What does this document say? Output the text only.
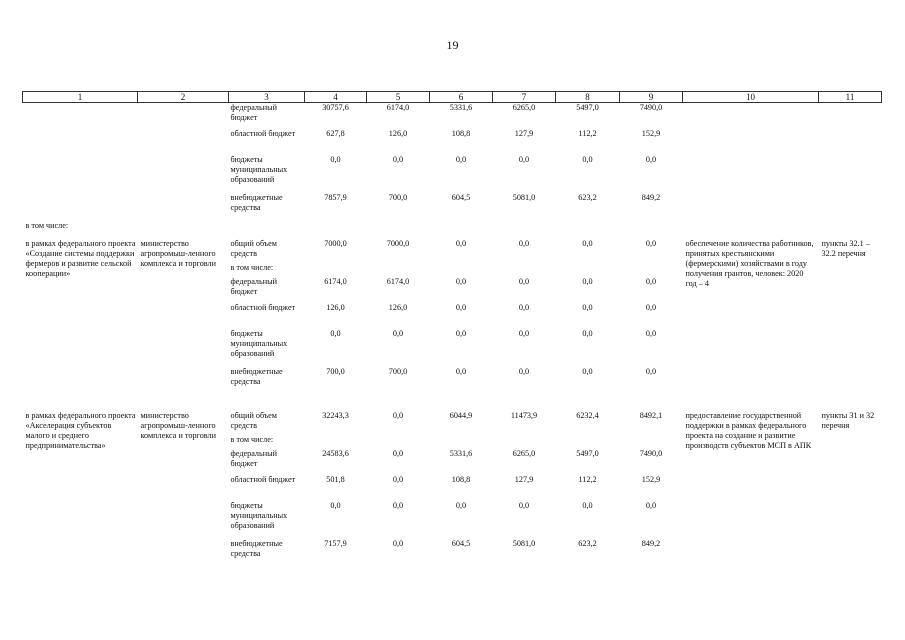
19
1	2	3	4	5	6	7	8	9	10	11
		федеральный бюджет	30757,6	6174,0	5331,6	6265,0	5497,0	7490,0		
		областной бюджет	627,8	126,0	108,8	127,9	112,2	152,9		
		бюджеты муниципальных образований	0,0	0,0	0,0	0,0	0,0	0,0		
		внебюджетные средства	7857,9	700,0	604,5	5081,0	623,2	849,2		
в том числе:										
в рамках федерального проекта «Создание системы поддержки фермеров и развитие сельской кооперации»	министерство агропромыш-ленного комплекса и торговли	общий объем средств	7000,0	7000,0	0,0	0,0	0,0	0,0	обеспечение количества работников, принятых крестьянскими (фермерскими) хозяйствами в году получения грантов, человек: 2020 год – 4	пункты 32.1 – 32.2 перечня
		в том числе:								
		федеральный бюджет	6174,0	6174,0	0,0	0,0	0,0	0,0		
		областной бюджет	126,0	126,0	0,0	0,0	0,0	0,0		
		бюджеты муниципальных образований	0,0	0,0	0,0	0,0	0,0	0,0		
		внебюджетные средства	700,0	700,0	0,0	0,0	0,0	0,0		

в рамках федерального проекта «Акселерация субъектов малого и среднего предпринимательства»	министерство агропромыш-ленного комплекса и торговли	общий объем средств	32243,3	0,0	6044,9	11473,9	6232,4	8492,1	предоставление государственной поддержки в рамках федерального проекта на создание и развитие производств субъектов МСП в АПК	пункты 31 и 32 перечня
		в том числе:								
		федеральный бюджет	24583,6	0,0	5331,6	6265,0	5497,0	7490,0		
		областной бюджет	501,8	0,0	108,8	127,9	112,2	152,9		
		бюджеты муниципальных образований	0,0	0,0	0,0	0,0	0,0	0,0		
		внебюджетные средства	7157,9	0,0	604,5	5081,0	623,2	849,2		
